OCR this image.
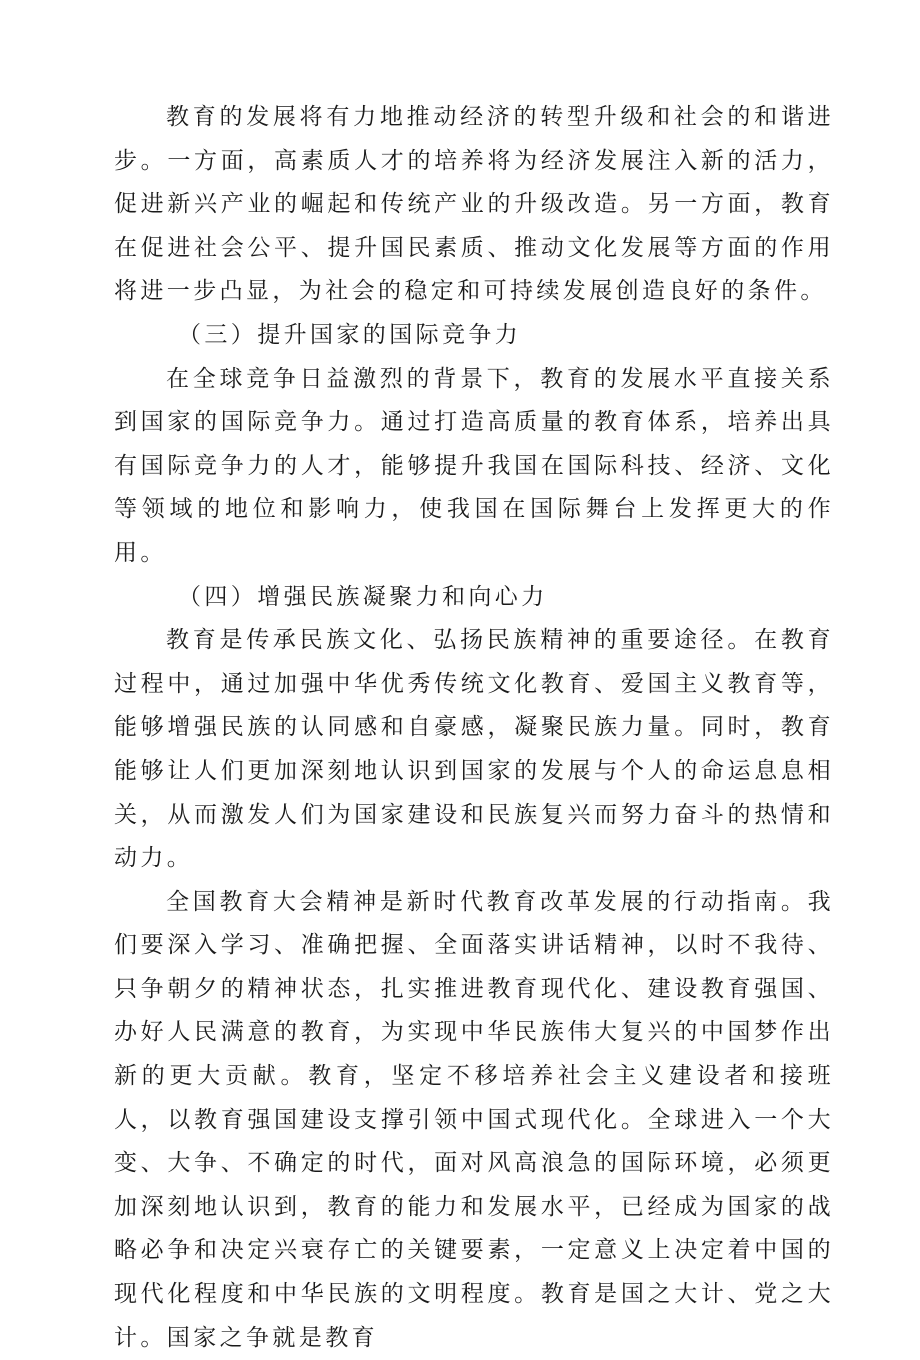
教育的发展将有力地推动经济的转型升级和社会的和谐进步。一方面，高素质人才的培养将为经济发展注入新的活力，促进新兴产业的崛起和传统产业的升级改造。另一方面，教育在促进社会公平、提升国民素质、推动文化发展等方面的作用将进一步凸显，为社会的稳定和可持续发展创造良好的条件。

（三）提升国家的国际竞争力

在全球竞争日益激烈的背景下，教育的发展水平直接关系到国家的国际竞争力。通过打造高质量的教育体系，培养出具有国际竞争力的人才，能够提升我国在国际科技、经济、文化等领域的地位和影响力，使我国在国际舞台上发挥更大的作用。

（四）增强民族凝聚力和向心力

教育是传承民族文化、弘扬民族精神的重要途径。在教育过程中，通过加强中华优秀传统文化教育、爱国主义教育等，能够增强民族的认同感和自豪感，凝聚民族力量。同时，教育能够让人们更加深刻地认识到国家的发展与个人的命运息息相关，从而激发人们为国家建设和民族复兴而努力奋斗的热情和动力。

全国教育大会精神是新时代教育改革发展的行动指南。我们要深入学习、准确把握、全面落实讲话精神，以时不我待、只争朝夕的精神状态，扎实推进教育现代化、建设教育强国、办好人民满意的教育，为实现中华民族伟大复兴的中国梦作出新的更大贡献。教育，坚定不移培养社会主义建设者和接班人，以教育强国建设支撑引领中国式现代化。全球进入一个大变、大争、不确定的时代，面对风高浪急的国际环境，必须更加深刻地认识到，教育的能力和发展水平，已经成为国家的战略必争和决定兴衰存亡的关键要素，一定意义上决定着中国的现代化程度和中华民族的文明程度。教育是国之大计、党之大计。国家之争就是教育
